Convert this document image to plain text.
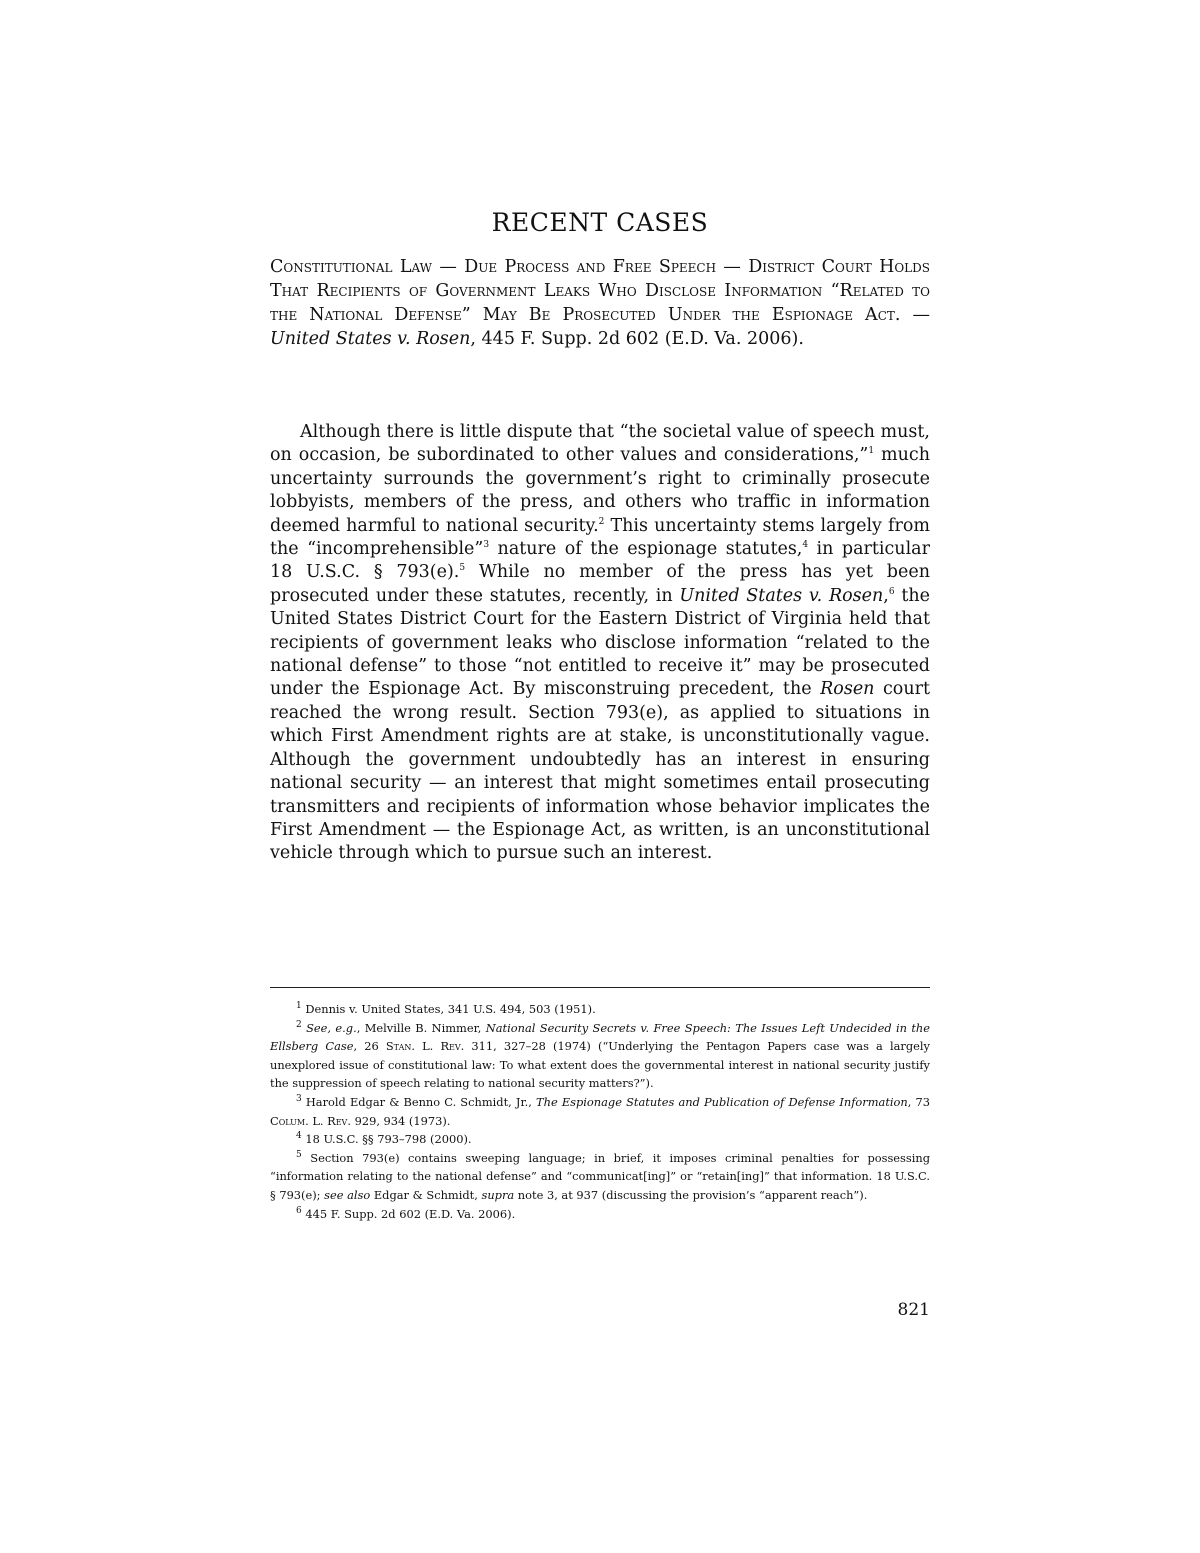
RECENT CASES
Constitutional Law — Due Process and Free Speech — District Court Holds That Recipients of Government Leaks Who Disclose Information “Related to the National Defense” May Be Prosecuted Under the Espionage Act. — United States v. Rosen, 445 F. Supp. 2d 602 (E.D. Va. 2006).

Although there is little dispute that “the societal value of speech must, on occasion, be subordinated to other values and considerations,”$^1$ much uncertainty surrounds the government’s right to criminally prosecute lobbyists, members of the press, and others who traffic in information deemed harmful to national security.$^2$ This uncertainty stems largely from the “incomprehensible”$^3$ nature of the espionage statutes,$^4$ in particular 18 U.S.C. § 793(e).$^5$ While no member of the press has yet been prosecuted under these statutes, recently, in United States v. Rosen,$^6$ the United States District Court for the Eastern District of Virginia held that recipients of government leaks who disclose information “related to the national defense” to those “not entitled to receive it” may be prosecuted under the Espionage Act. By misconstruing precedent, the Rosen court reached the wrong result. Section 793(e), as applied to situations in which First Amendment rights are at stake, is unconstitutionally vague. Although the government undoubtedly has an interest in ensuring national security — an interest that might sometimes entail prosecuting transmitters and recipients of information whose behavior implicates the First Amendment — the Espionage Act, as written, is an unconstitutional vehicle through which to pursue such an interest.

$^1$ Dennis v. United States, 341 U.S. 494, 503 (1951).

$^2$ See, e.g., Melville B. Nimmer, National Security Secrets v. Free Speech: The Issues Left Undecided in the Ellsberg Case, 26 Stan. L. Rev. 311, 327–28 (1974) (“Underlying the Pentagon Papers case was a largely unexplored issue of constitutional law: To what extent does the governmental interest in national security justify the suppression of speech relating to national security matters?”).

$^3$ Harold Edgar & Benno C. Schmidt, Jr., The Espionage Statutes and Publication of Defense Information, 73 Colum. L. Rev. 929, 934 (1973).

$^4$ 18 U.S.C. §§ 793–798 (2000).

$^5$ Section 793(e) contains sweeping language; in brief, it imposes criminal penalties for possessing “information relating to the national defense” and “communicat[ing]” or “retain[ing]” that information. 18 U.S.C. § 793(e); see also Edgar & Schmidt, supra note 3, at 937 (discussing the provision’s “apparent reach”).

$^6$ 445 F. Supp. 2d 602 (E.D. Va. 2006).

821
